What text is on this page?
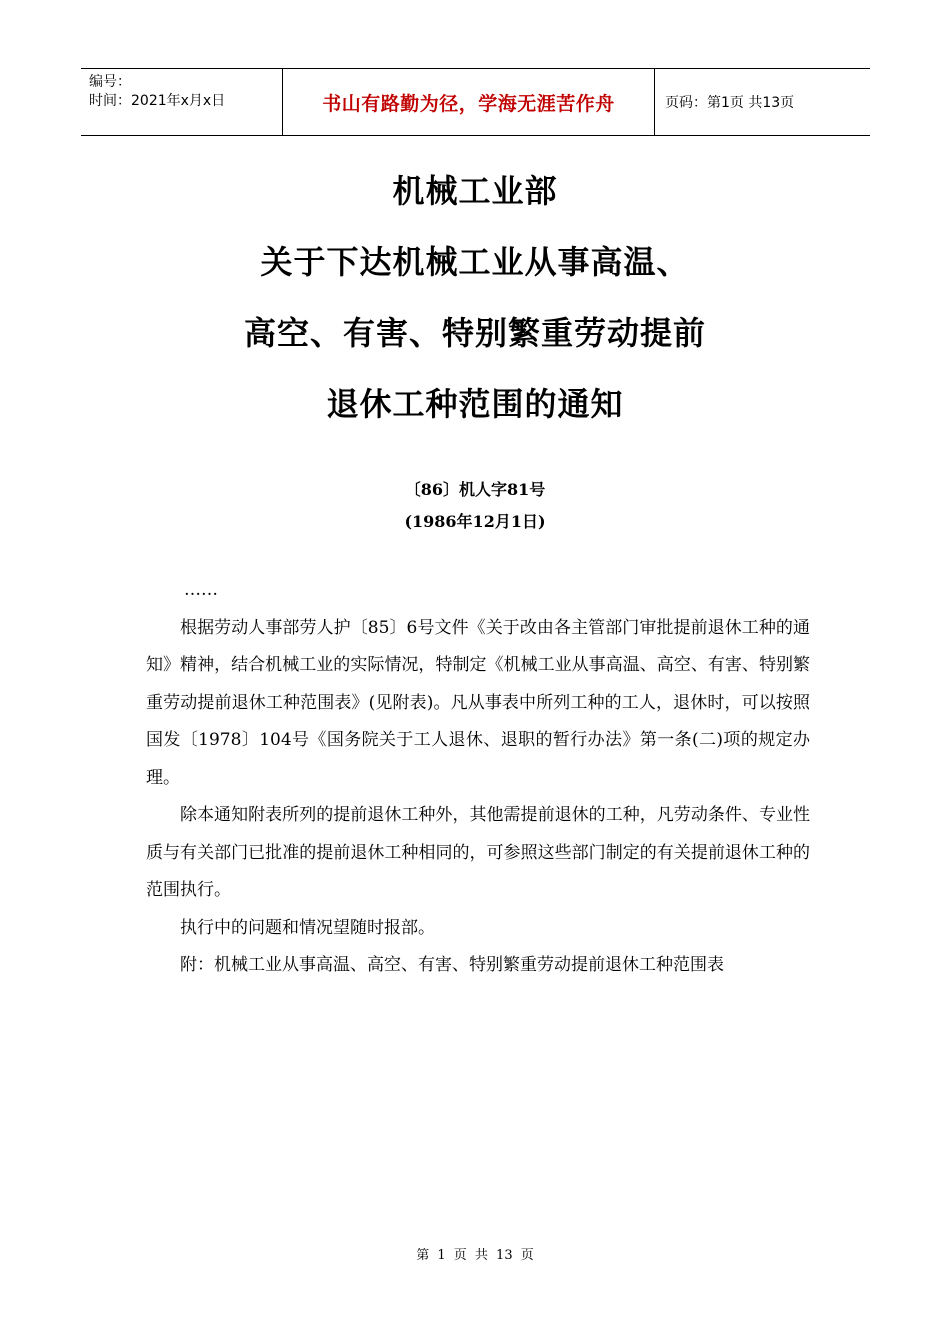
编号：
时间：2021年x月x日	书山有路勤为径，学海无涯苦作舟	页码：第1页 共13页
机械工业部
关于下达机械工业从事高温、
高空、有害、特别繁重劳动提前
退休工种范围的通知
〔86〕机人字81号
(1986年12月1日)
……

根据劳动人事部劳人护〔85〕6号文件《关于改由各主管部门审批提前退休工种的通知》精神，结合机械工业的实际情况，特制定《机械工业从事高温、高空、有害、特别繁重劳动提前退休工种范围表》(见附表)。凡从事表中所列工种的工人，退休时，可以按照国发〔1978〕104号《国务院关于工人退休、退职的暂行办法》第一条(二)项的规定办理。

除本通知附表所列的提前退休工种外，其他需提前退休的工种，凡劳动条件、专业性质与有关部门已批准的提前退休工种相同的，可参照这些部门制定的有关提前退休工种的范围执行。

执行中的问题和情况望随时报部。

附：机械工业从事高温、高空、有害、特别繁重劳动提前退休工种范围表

第 1 页 共 13 页
